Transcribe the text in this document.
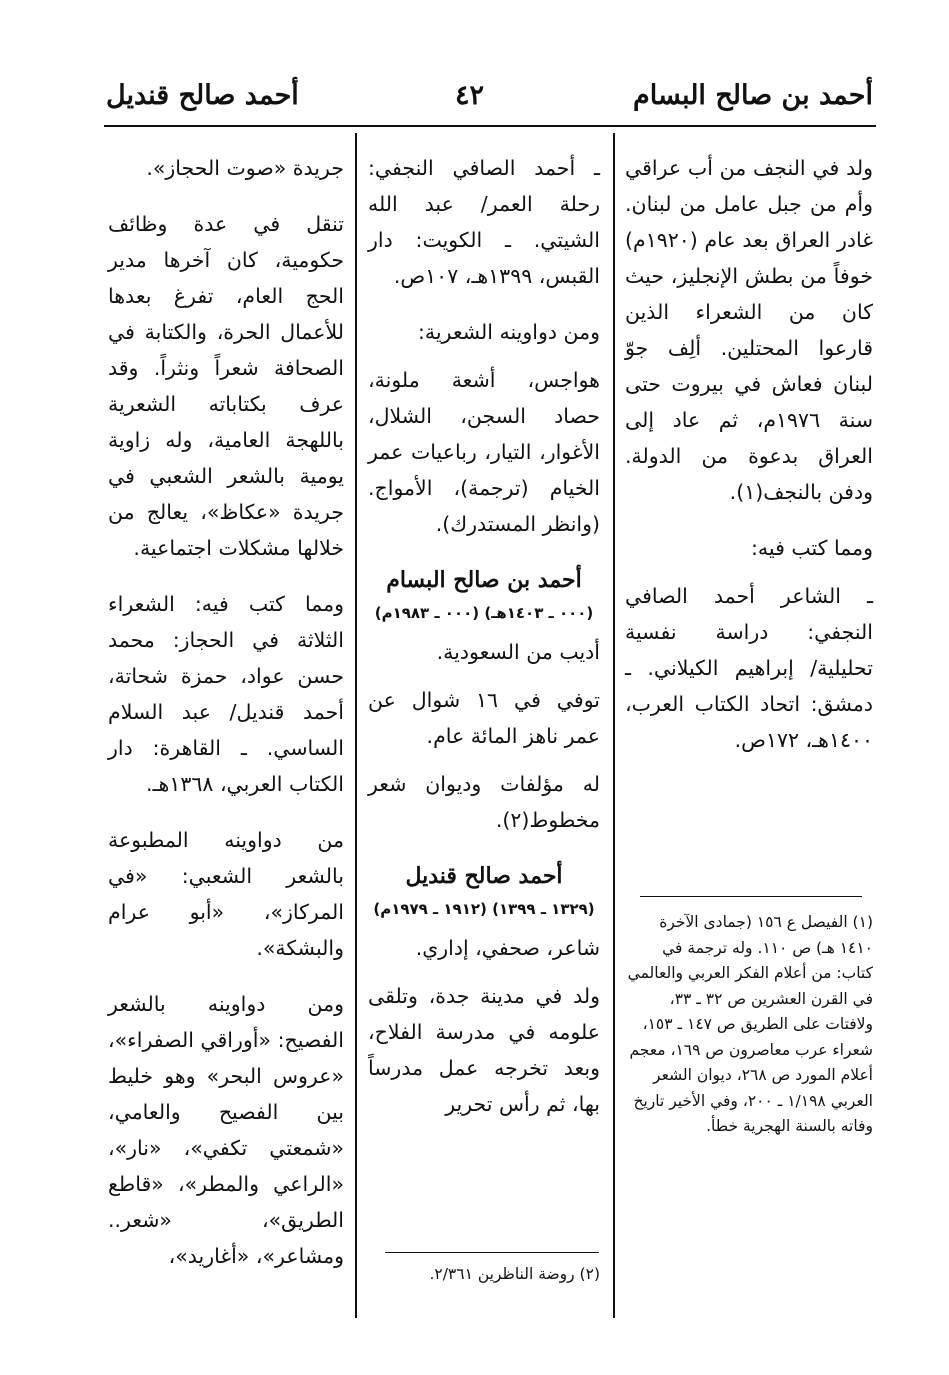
أحمد بن صالح البسام
٤٢
أحمد صالح قنديل

ولد في النجف من أب عراقي وأم من جبل عامل من لبنان. غادر العراق بعد عام (١٩٢٠م) خوفاً من بطش الإنجليز، حيث كان من الشعراء الذين قارعوا المحتلين. ألِف جوّ لبنان فعاش في بيروت حتى سنة ١٩٧٦م، ثم عاد إلى العراق بدعوة من الدولة. ودفن بالنجف(١).

ومما كتب فيه:

ـ الشاعر أحمد الصافي النجفي: دراسة نفسية تحليلية/ إبراهيم الكيلاني. ـ دمشق: اتحاد الكتاب العرب، ١٤٠٠هـ، ١٧٢ص.

(١) الفيصل ع ١٥٦ (جمادى الآخرة ١٤١٠ هـ) ص ١١٠. وله ترجمة في كتاب: من أعلام الفكر العربي والعالمي في القرن العشرين ص ٣٢ ـ ٣٣، ولافتات على الطريق ص ١٤٧ ـ ١٥٣، شعراء عرب معاصرون ص ١٦٩، معجم أعلام المورد ص ٢٦٨، ديوان الشعر العربي ١/١٩٨ ـ ٢٠٠، وفي الأخير تاريخ وفاته بالسنة الهجرية خطأ.

ـ أحمد الصافي النجفي: رحلة العمر/ عبد الله الشيتي. ـ الكويت: دار القبس، ١٣٩٩هـ، ١٠٧ص.

ومن دواوينه الشعرية:

هواجس، أشعة ملونة، حصاد السجن، الشلال، الأغوار، التيار، رباعيات عمر الخيام (ترجمة)، الأمواج. (وانظر المستدرك).

أحمد بن صالح البسام
(٠٠٠ ـ ١٤٠٣هـ) (٠٠٠ ـ ١٩٨٣م)

أديب من السعودية.

توفي في ١٦ شوال عن عمر ناهز المائة عام.

له مؤلفات وديوان شعر مخطوط(٢).

أحمد صالح قنديل
(١٣٢٩ ـ ١٣٩٩) (١٩١٢ ـ ١٩٧٩م)

شاعر، صحفي، إداري.

ولد في مدينة جدة، وتلقى علومه في مدرسة الفلاح، وبعد تخرجه عمل مدرساً بها، ثم رأس تحرير

(٢) روضة الناظرين ٢/٣٦١.

جريدة «صوت الحجاز».

تنقل في عدة وظائف حكومية، كان آخرها مدير الحج العام، تفرغ بعدها للأعمال الحرة، والكتابة في الصحافة شعراً ونثراً. وقد عرف بكتاباته الشعرية باللهجة العامية، وله زاوية يومية بالشعر الشعبي في جريدة «عكاظ»، يعالج من خلالها مشكلات اجتماعية.

ومما كتب فيه: الشعراء الثلاثة في الحجاز: محمد حسن عواد، حمزة شحاتة، أحمد قنديل/ عبد السلام الساسي. ـ القاهرة: دار الكتاب العربي، ١٣٦٨هـ.

من دواوينه المطبوعة بالشعر الشعبي: «في المركاز»، «أبو عرام والبشكة».

ومن دواوينه بالشعر الفصيح: «أوراقي الصفراء»، «عروس البحر» وهو خليط بين الفصيح والعامي، «شمعتي تكفي»، «نار»، «الراعي والمطر»، «قاطع الطريق»، «شعر.. ومشاعر»، «أغاريد»،
